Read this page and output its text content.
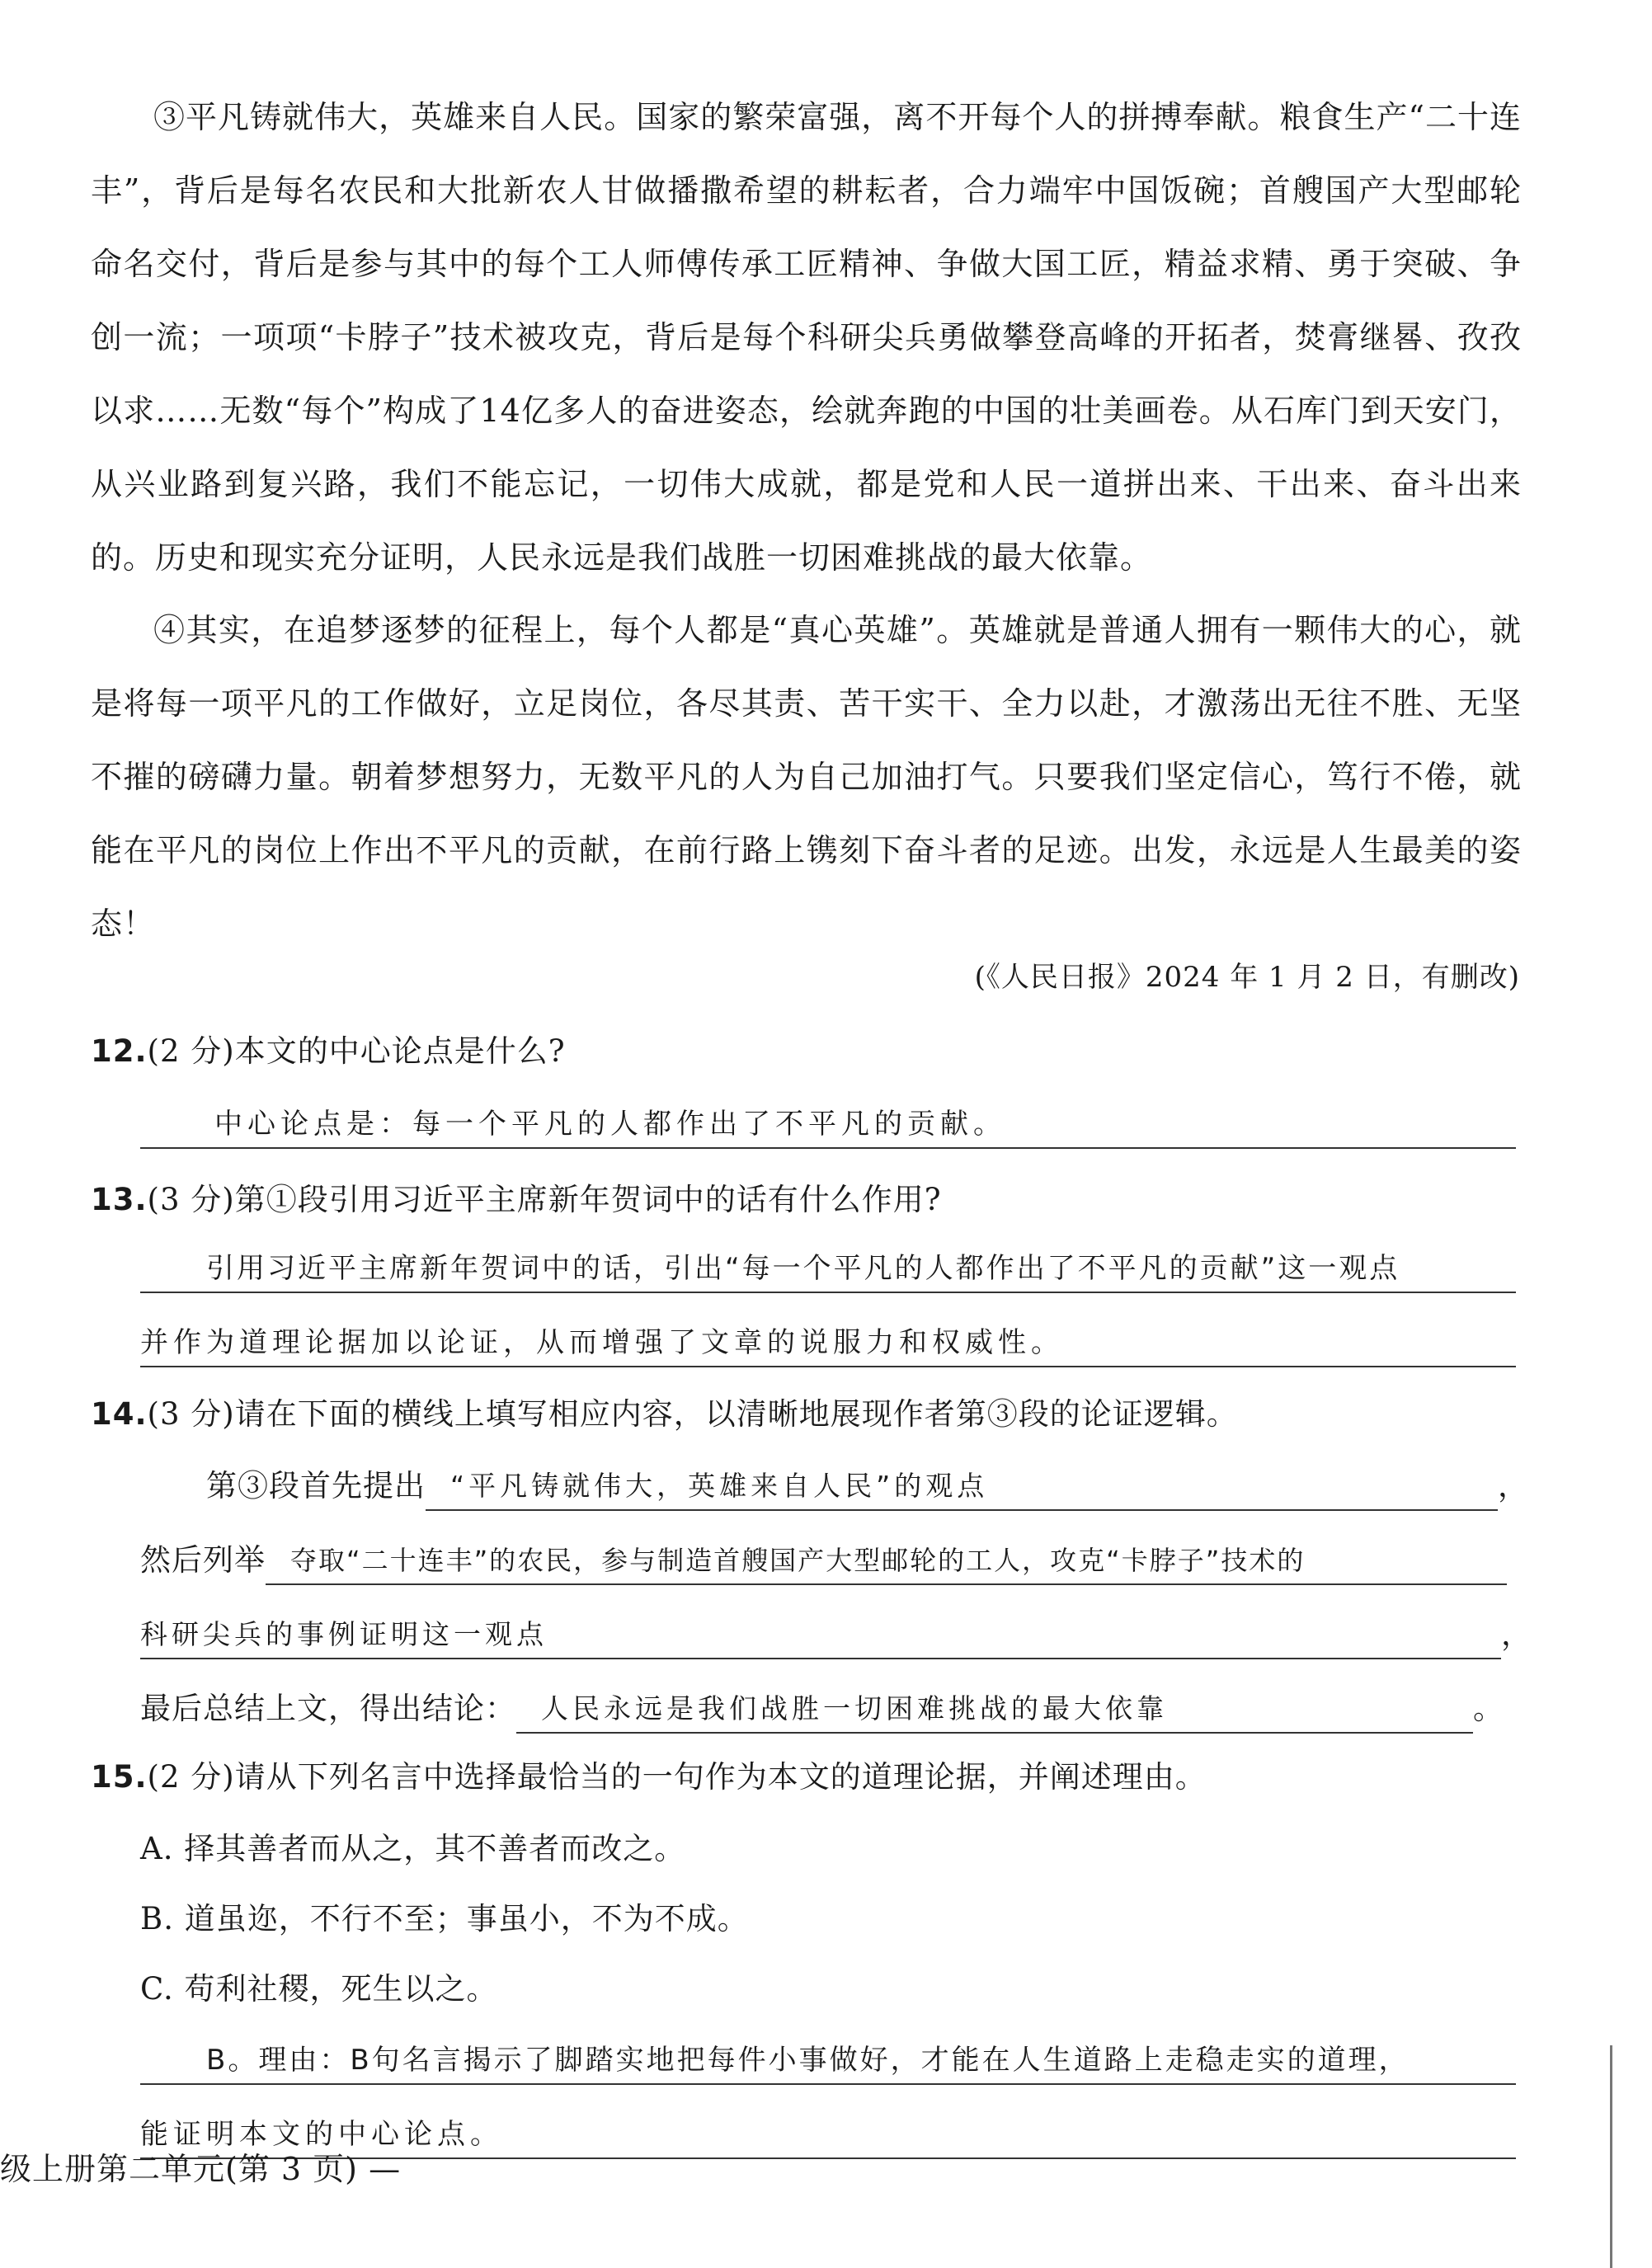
③平凡铸就伟大，英雄来自人民。国家的繁荣富强，离不开每个人的拼搏奉献。粮食生产“二十连丰”，背后是每名农民和大批新农人甘做播撒希望的耕耘者，合力端牢中国饭碗；首艘国产大型邮轮命名交付，背后是参与其中的每个工人师傅传承工匠精神、争做大国工匠，精益求精、勇于突破、争创一流；一项项“卡脖子”技术被攻克，背后是每个科研尖兵勇做攀登高峰的开拓者，焚膏继晷、孜孜以求……无数“每个”构成了14亿多人的奋进姿态，绘就奔跑的中国的壮美画卷。从石库门到天安门，从兴业路到复兴路，我们不能忘记，一切伟大成就，都是党和人民一道拼出来、干出来、奋斗出来的。历史和现实充分证明，人民永远是我们战胜一切困难挑战的最大依靠。

④其实，在追梦逐梦的征程上，每个人都是“真心英雄”。英雄就是普通人拥有一颗伟大的心，就是将每一项平凡的工作做好，立足岗位，各尽其责、苦干实干、全力以赴，才激荡出无往不胜、无坚不摧的磅礴力量。朝着梦想努力，无数平凡的人为自己加油打气。只要我们坚定信心，笃行不倦，就能在平凡的岗位上作出不平凡的贡献，在前行路上镌刻下奋斗者的足迹。出发，永远是人生最美的姿态！

(《人民日报》2024 年 1 月 2 日，有删改)
12.(2 分)本文的中心论点是什么?
中心论点是：每一个平凡的人都作出了不平凡的贡献。
13.(3 分)第①段引用习近平主席新年贺词中的话有什么作用?
引用习近平主席新年贺词中的话，引出“每一个平凡的人都作出了不平凡的贡献”这一观点
并作为道理论据加以论证，从而增强了文章的说服力和权威性。
14.(3 分)请在下面的横线上填写相应内容，以清晰地展现作者第③段的论证逻辑。
第③段首先提出 “平凡铸就伟大，英雄来自人民”的观点	，
然后列举 夺取“二十连丰”的农民，参与制造首艘国产大型邮轮的工人，攻克“卡脖子”技术的
科研尖兵的事例证明这一观点	，
最后总结上文，得出结论： 人民永远是我们战胜一切困难挑战的最大依靠	。
15.(2 分)请从下列名言中选择最恰当的一句作为本文的道理论据，并阐述理由。
A. 择其善者而从之，其不善者而改之。
B. 道虽迩，不行不至；事虽小，不为不成。
C. 苟利社稷，死生以之。
B。理由：B句名言揭示了脚踏实地把每件小事做好，才能在人生道路上走稳走实的道理，
能证明本文的中心论点。
级上册第二单元(第 3 页) —
